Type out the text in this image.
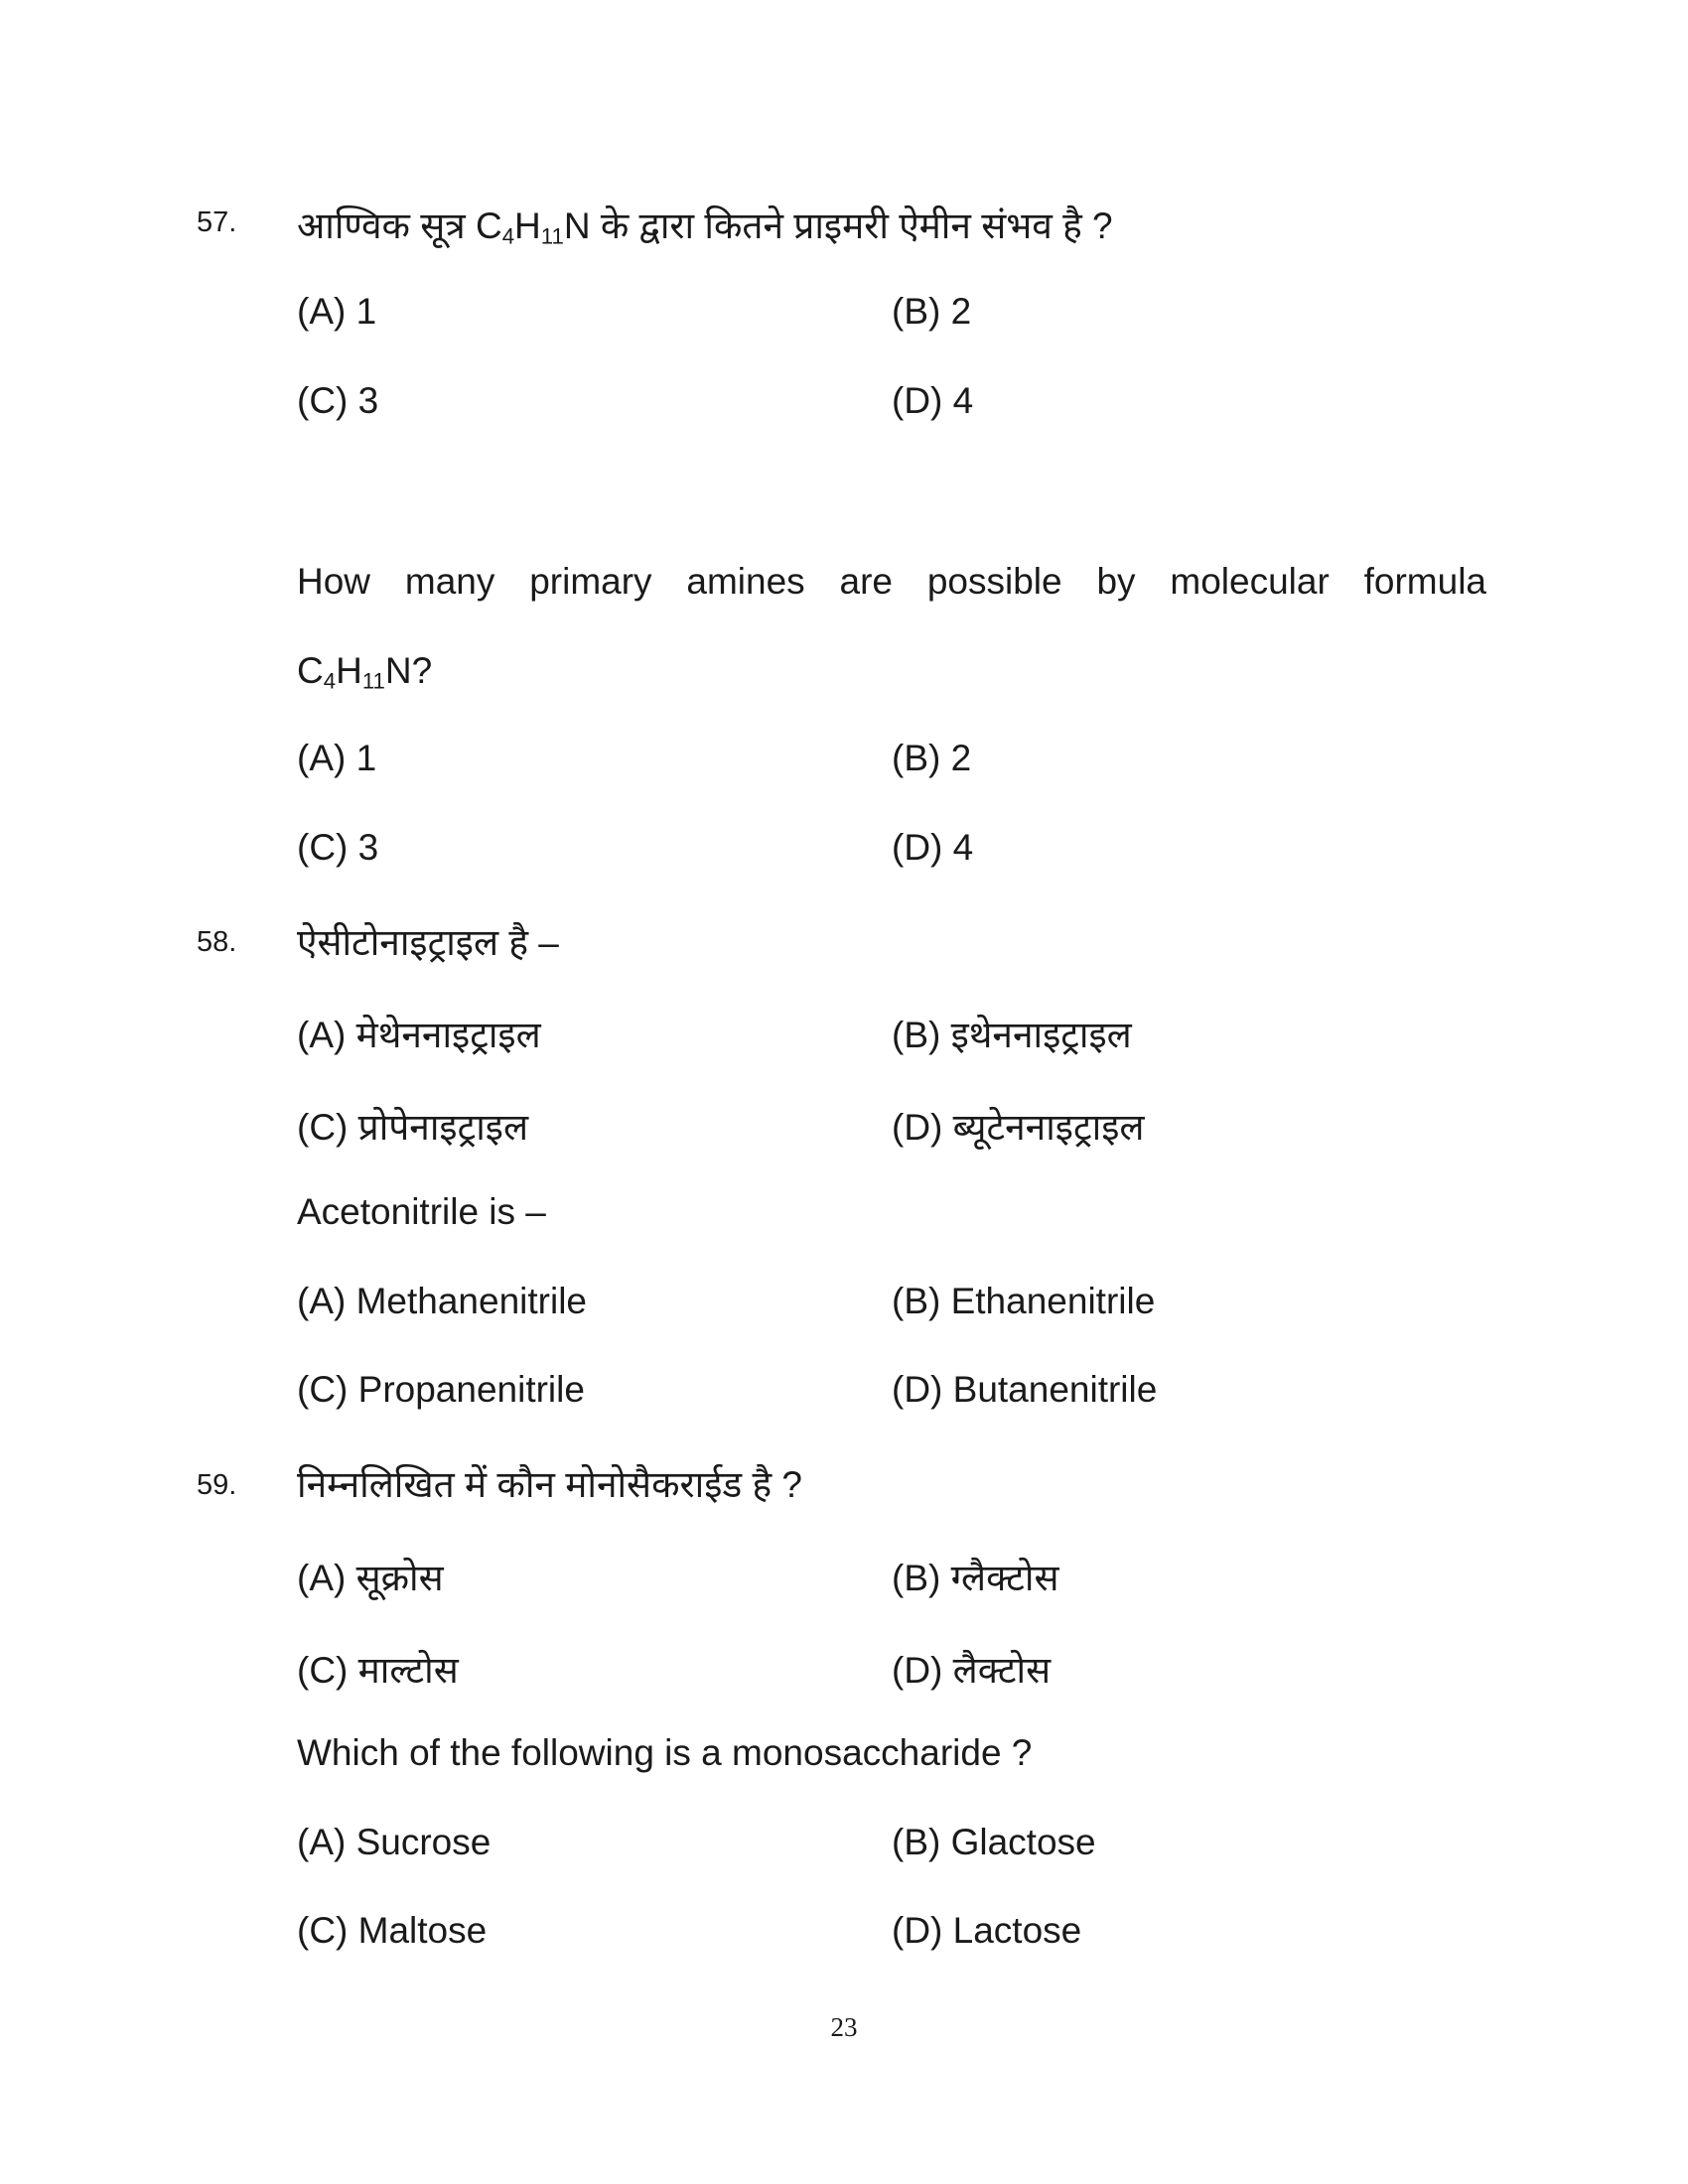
57. आण्विक सूत्र $C_4H_{11}N$ के द्वारा कितने प्राइमरी ऐमीन संभव है ?
(A) 1	(B) 2
(C) 3	(D) 4
How many primary amines are possible by molecular formula
$C_4H_{11}N$?
(A) 1	(B) 2
(C) 3	(D) 4
58. ऐसीटोनाइट्राइल है –
(A) मेथेननाइट्राइल	(B) इथेननाइट्राइल
(C) प्रोपेनाइट्राइल	(D) ब्यूटेननाइट्राइल
Acetonitrile is –
(A) Methanenitrile	(B) Ethanenitrile
(C) Propanenitrile	(D) Butanenitrile
59. निम्नलिखित में कौन मोनोसैकराईड है ?
(A) सूक्रोस	(B) ग्लैक्टोस
(C) माल्टोस	(D) लैक्टोस
Which of the following is a monosaccharide ?
(A) Sucrose	(B) Glactose
(C) Maltose	(D) Lactose
23
